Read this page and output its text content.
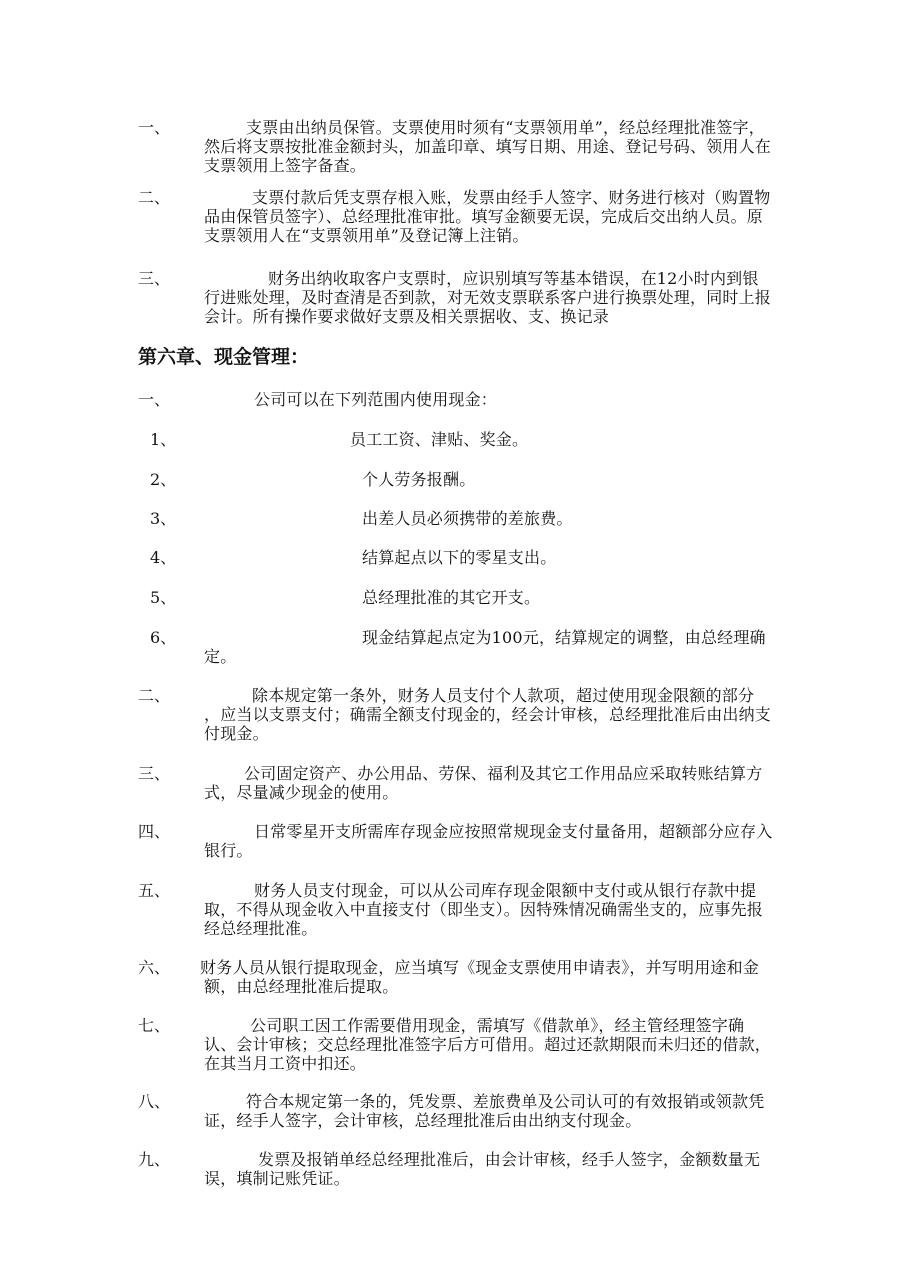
一、	支票由出纳员保管。支票使用时须有“支票领用单”，经总经理批准签字，然后将支票按批准金额封头，加盖印章、填写日期、用途、登记号码、领用人在支票领用上签字备查。
二、	支票付款后凭支票存根入账，发票由经手人签字、财务进行核对（购置物品由保管员签字）、总经理批准审批。填写金额要无误，完成后交出纳人员。原支票领用人在“支票领用单”及登记簿上注销。
三、	财务出纳收取客户支票时，应识别填写等基本错误，在12小时内到银行进账处理，及时查清是否到款，对无效支票联系客户进行换票处理，同时上报会计。所有操作要求做好支票及相关票据收、支、换记录
第六章、现金管理：
一、	公司可以在下列范围内使用现金：
1、	员工工资、津贴、奖金。
2、	个人劳务报酬。
3、	出差人员必须携带的差旅费。
4、	结算起点以下的零星支出。
5、	总经理批准的其它开支。
6、	现金结算起点定为100元，结算规定的调整，由总经理确定。
二、	除本规定第一条外，财务人员支付个人款项，超过使用现金限额的部分 ，应当以支票支付；确需全额支付现金的，经会计审核，总经理批准后由出纳支付现金。
三、	公司固定资产、办公用品、劳保、福利及其它工作用品应采取转账结算方式，尽量减少现金的使用。
四、	日常零星开支所需库存现金应按照常规现金支付量备用，超额部分应存入银行。
五、	财务人员支付现金，可以从公司库存现金限额中支付或从银行存款中提取，不得从现金收入中直接支付（即坐支）。因特殊情况确需坐支的，应事先报经总经理批准。
六、 财务人员从银行提取现金，应当填写《现金支票使用申请表》，并写明用途和金额，由总经理批准后提取。
七、	公司职工因工作需要借用现金，需填写《借款单》，经主管经理签字确认、会计审核；交总经理批准签字后方可借用。超过还款期限而未归还的借款，在其当月工资中扣还。
八、	符合本规定第一条的，凭发票、差旅费单及公司认可的有效报销或领款凭证，经手人签字，会计审核，总经理批准后由出纳支付现金。
九、	发票及报销单经总经理批准后，由会计审核，经手人签字，金额数量无误，填制记账凭证。
